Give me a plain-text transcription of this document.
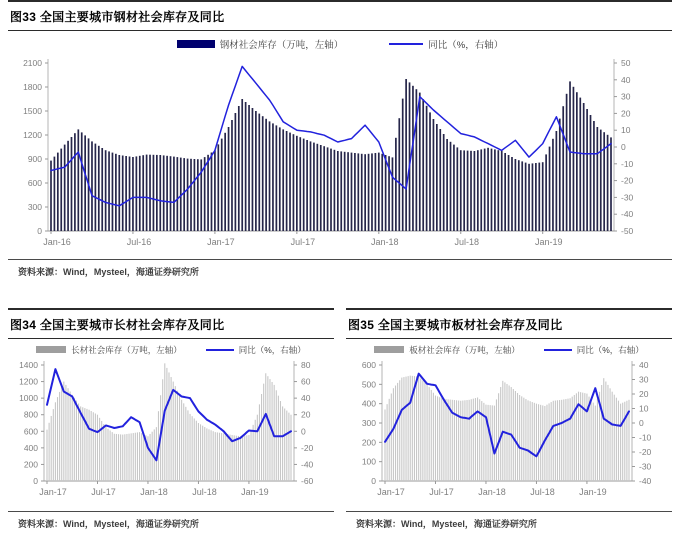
图33 全国主要城市钢材社会库存及同比
钢材社会库存（万吨，左轴）	同比（%，右轴）
0
300
600
900
1200
1500
1800
2100
-50
-40
-30
-20
-10
0
10
20
30
40
50
Jan-16	Jul-16	Jan-17	Jul-17	Jan-18	Jul-18	Jan-19
资料来源：Wind，Mysteel，海通证券研究所
图34 全国主要城市长材社会库存及同比
长材社会库存（万吨，左轴）	同比（%，右轴）
0
200
400
600
800
1000
1200
1400
-60
-40
-20
0
20
40
60
80
Jan-17	Jul-17	Jan-18	Jul-18	Jan-19
资料来源：Wind，Mysteel，海通证券研究所
图35 全国主要城市板材社会库存及同比
板材社会库存（万吨，左轴）	同比（%，右轴）
0
100
200
300
400
500
600
-40
-30
-20
-10
0
10
20
30
40
Jan-17	Jul-17	Jan-18	Jul-18	Jan-19
资料来源：Wind，Mysteel，海通证券研究所
